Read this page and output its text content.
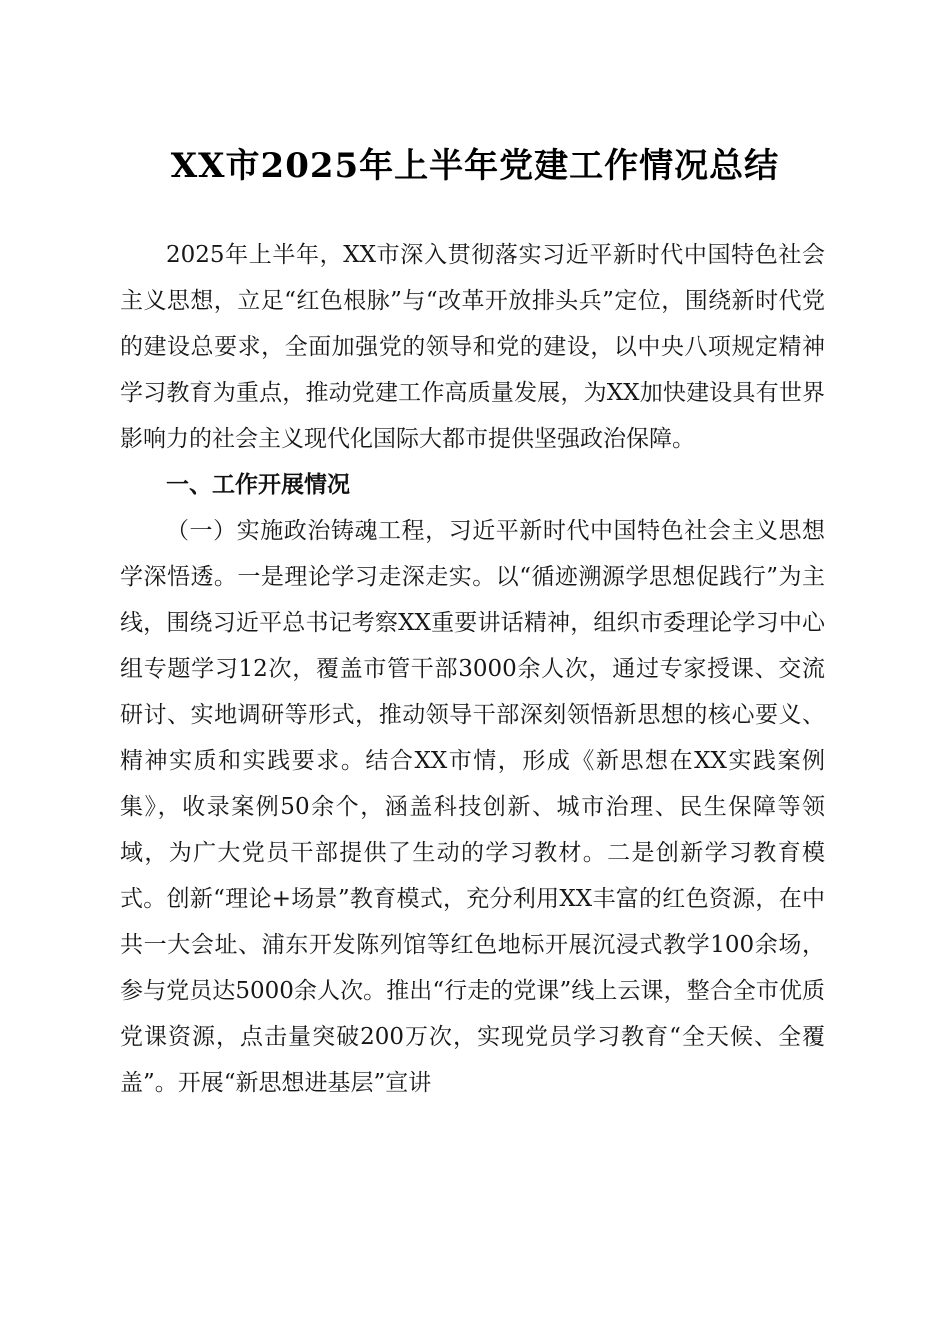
XX市2025年上半年党建工作情况总结

2025年上半年，XX市深入贯彻落实习近平新时代中国特色社会主义思想，立足“红色根脉”与“改革开放排头兵”定位，围绕新时代党的建设总要求，全面加强党的领导和党的建设，以中央八项规定精神学习教育为重点，推动党建工作高质量发展，为XX加快建设具有世界影响力的社会主义现代化国际大都市提供坚强政治保障。

一、工作开展情况

（一）实施政治铸魂工程，习近平新时代中国特色社会主义思想学深悟透。一是理论学习走深走实。以“循迹溯源学思想促践行”为主线，围绕习近平总书记考察XX重要讲话精神，组织市委理论学习中心组专题学习12次，覆盖市管干部3000余人次，通过专家授课、交流研讨、实地调研等形式，推动领导干部深刻领悟新思想的核心要义、精神实质和实践要求。结合XX市情，形成《新思想在XX实践案例集》，收录案例50余个，涵盖科技创新、城市治理、民生保障等领域，为广大党员干部提供了生动的学习教材。二是创新学习教育模式。创新“理论+场景”教育模式，充分利用XX丰富的红色资源，在中共一大会址、浦东开发陈列馆等红色地标开展沉浸式教学100余场，参与党员达5000余人次。推出“行走的党课”线上云课，整合全市优质党课资源，点击量突破200万次，实现党员学习教育“全天候、全覆盖”。开展“新思想进基层”宣讲
